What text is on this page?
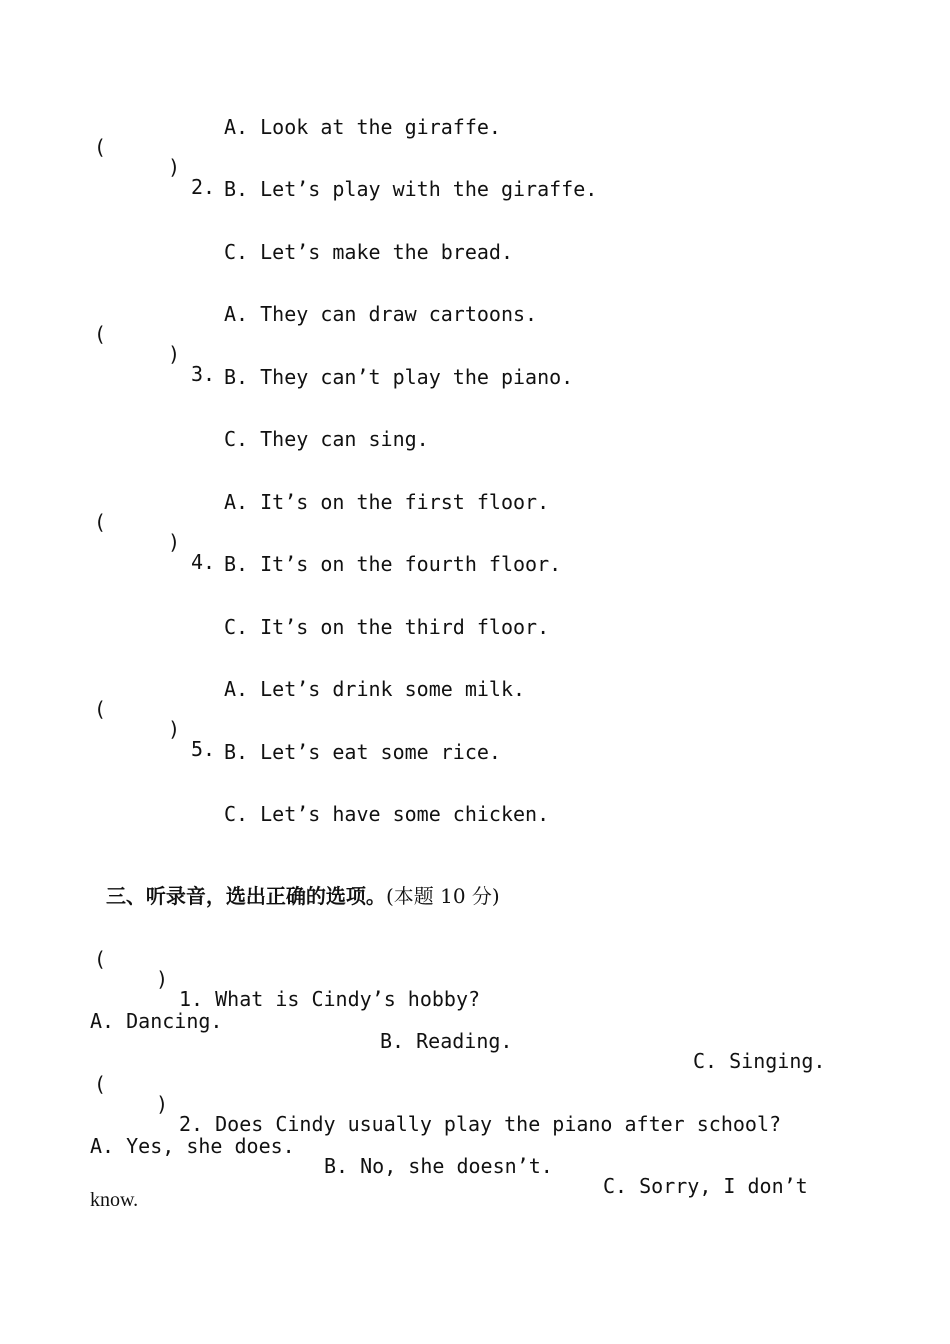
(

)

2.

A. Look at the giraffe.
B. Let’s play with the giraffe.
C. Let’s make the bread.

(

)

3.

A. They can draw cartoons.
B. They can’t play the piano.
C. They can sing.

(

)

4.

A. It’s on the first floor.
B. It’s on the fourth floor.
C. It’s on the third floor.

(

)

5.

A. Let’s drink some milk.
B. Let’s eat some rice.
C. Let’s have some chicken.

三、听录音，选出正确的选项。(本题 10 分)

(

)

1. What is Cindy’s hobby?

A. Dancing.

B. Reading.

C. Singing.

(

)

2. Does Cindy usually play the piano after school?

A. Yes, she does.

B. No, she doesn’t.

C. Sorry, I don’t

know.
